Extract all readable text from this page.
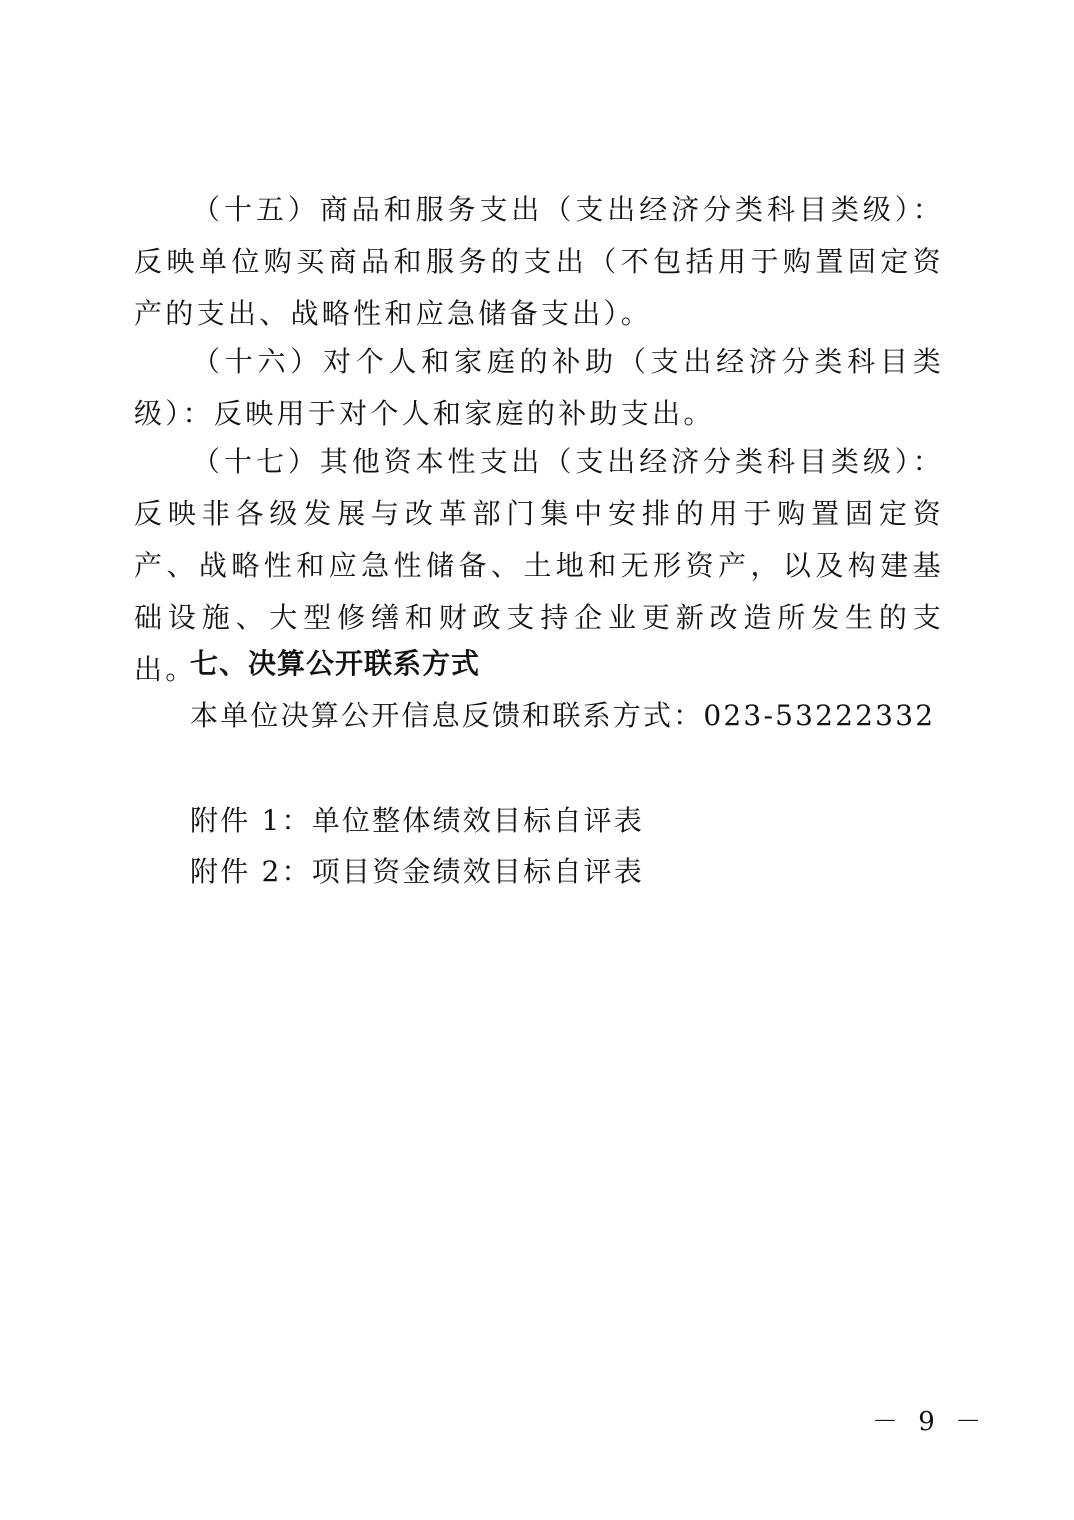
（十五）商品和服务支出（支出经济分类科目类级）：反映单位购买商品和服务的支出（不包括用于购置固定资产的支出、战略性和应急储备支出）。

（十六）对个人和家庭的补助（支出经济分类科目类级）：反映用于对个人和家庭的补助支出。

（十七）其他资本性支出（支出经济分类科目类级）：反映非各级发展与改革部门集中安排的用于购置固定资产、战略性和应急性储备、土地和无形资产，以及构建基础设施、大型修缮和财政支持企业更新改造所发生的支出。

七、决算公开联系方式

本单位决算公开信息反馈和联系方式：023-53222332

附件 1：单位整体绩效目标自评表

附件 2：项目资金绩效目标自评表

－ 9 －
